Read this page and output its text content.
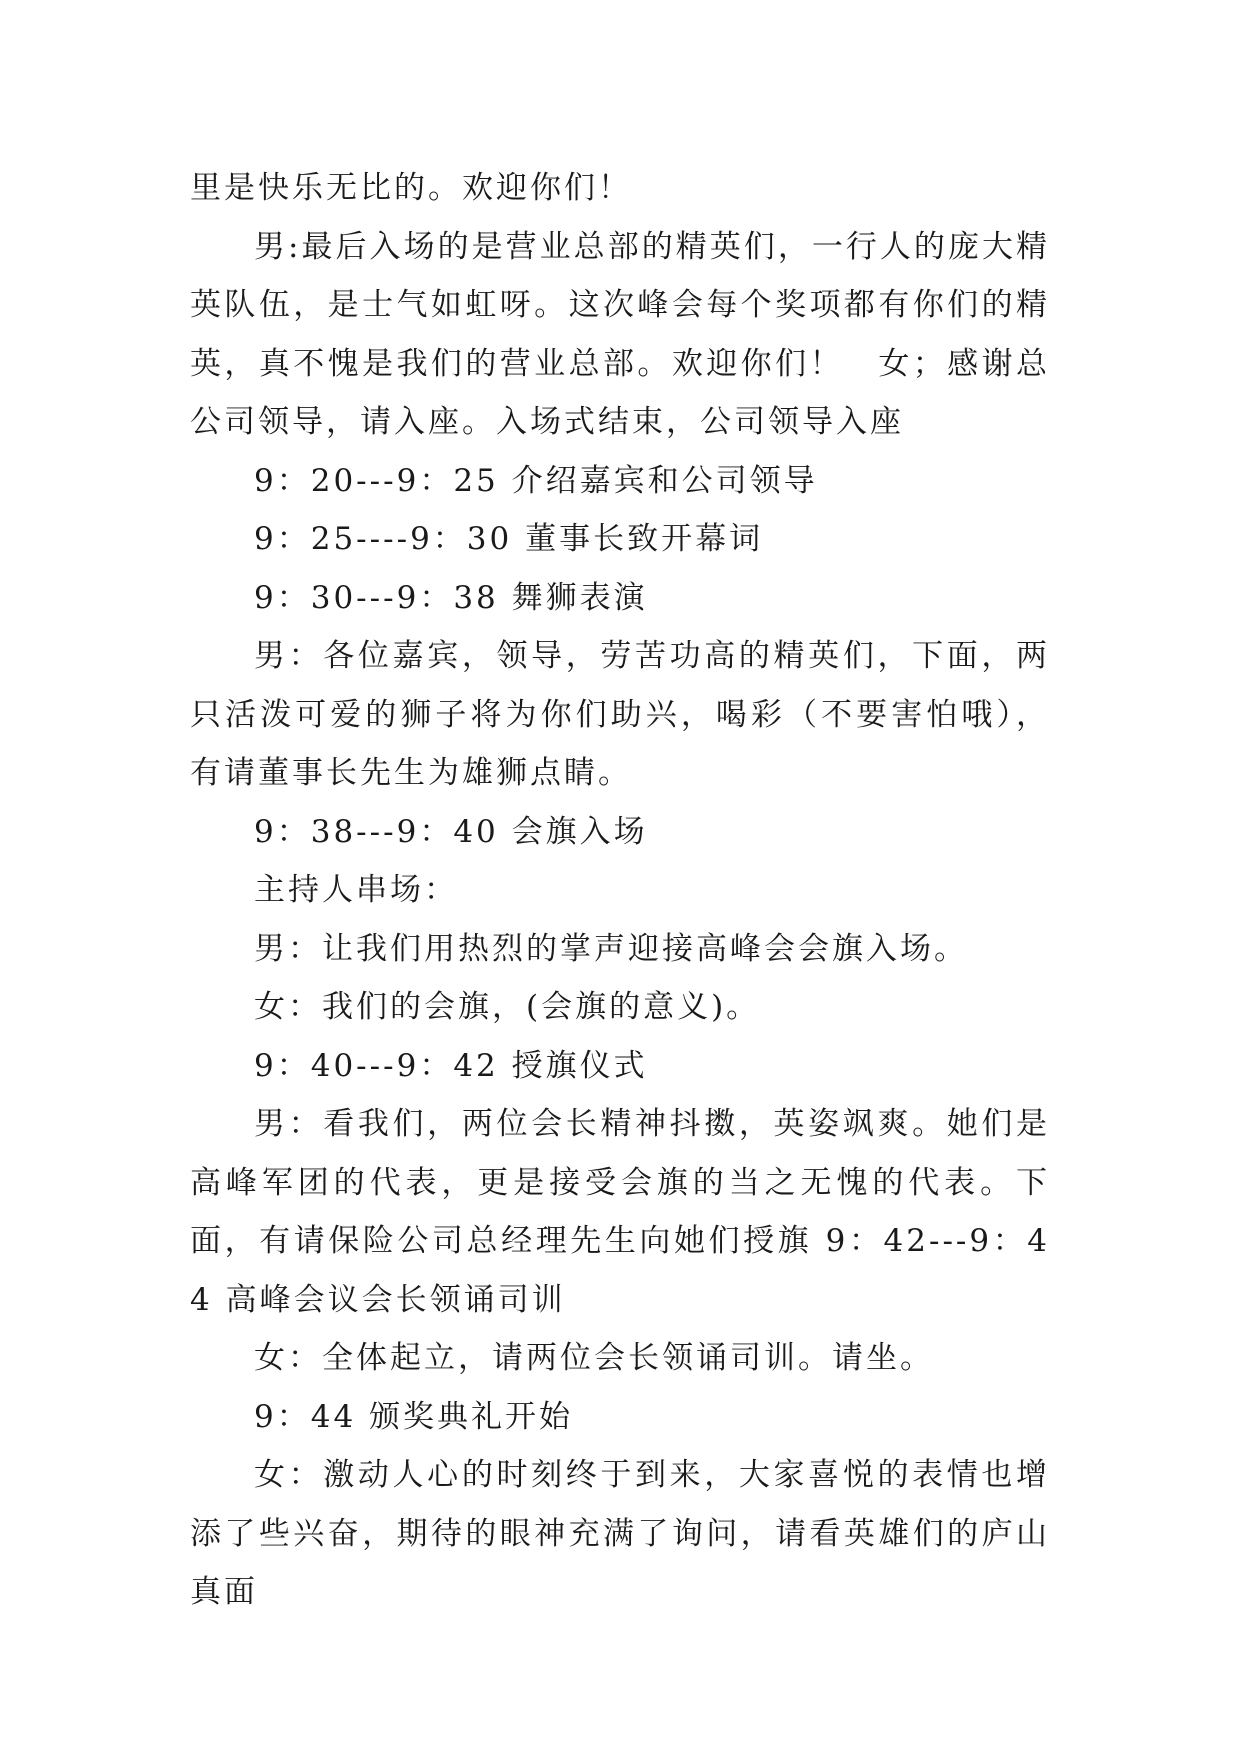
里是快乐无比的。欢迎你们！

男:最后入场的是营业总部的精英们，一行人的庞大精英队伍，是士气如虹呀。这次峰会每个奖项都有你们的精英，真不愧是我们的营业总部。欢迎你们！　女；感谢总公司领导，请入座。入场式结束，公司领导入座

9：20---9：25 介绍嘉宾和公司领导

9：25----9：30 董事长致开幕词

9：30---9：38 舞狮表演

男：各位嘉宾，领导，劳苦功高的精英们，下面，两只活泼可爱的狮子将为你们助兴，喝彩（不要害怕哦），有请董事长先生为雄狮点睛。

9：38---9：40 会旗入场

主持人串场：

男：让我们用热烈的掌声迎接高峰会会旗入场。

女：我们的会旗，(会旗的意义)。

9：40---9：42 授旗仪式

男：看我们，两位会长精神抖擞，英姿飒爽。她们是高峰军团的代表，更是接受会旗的当之无愧的代表。下面，有请保险公司总经理先生向她们授旗 9：42---9：44 高峰会议会长领诵司训

女：全体起立，请两位会长领诵司训。请坐。

9：44 颁奖典礼开始

女：激动人心的时刻终于到来，大家喜悦的表情也增添了些兴奋，期待的眼神充满了询问，请看英雄们的庐山真面
